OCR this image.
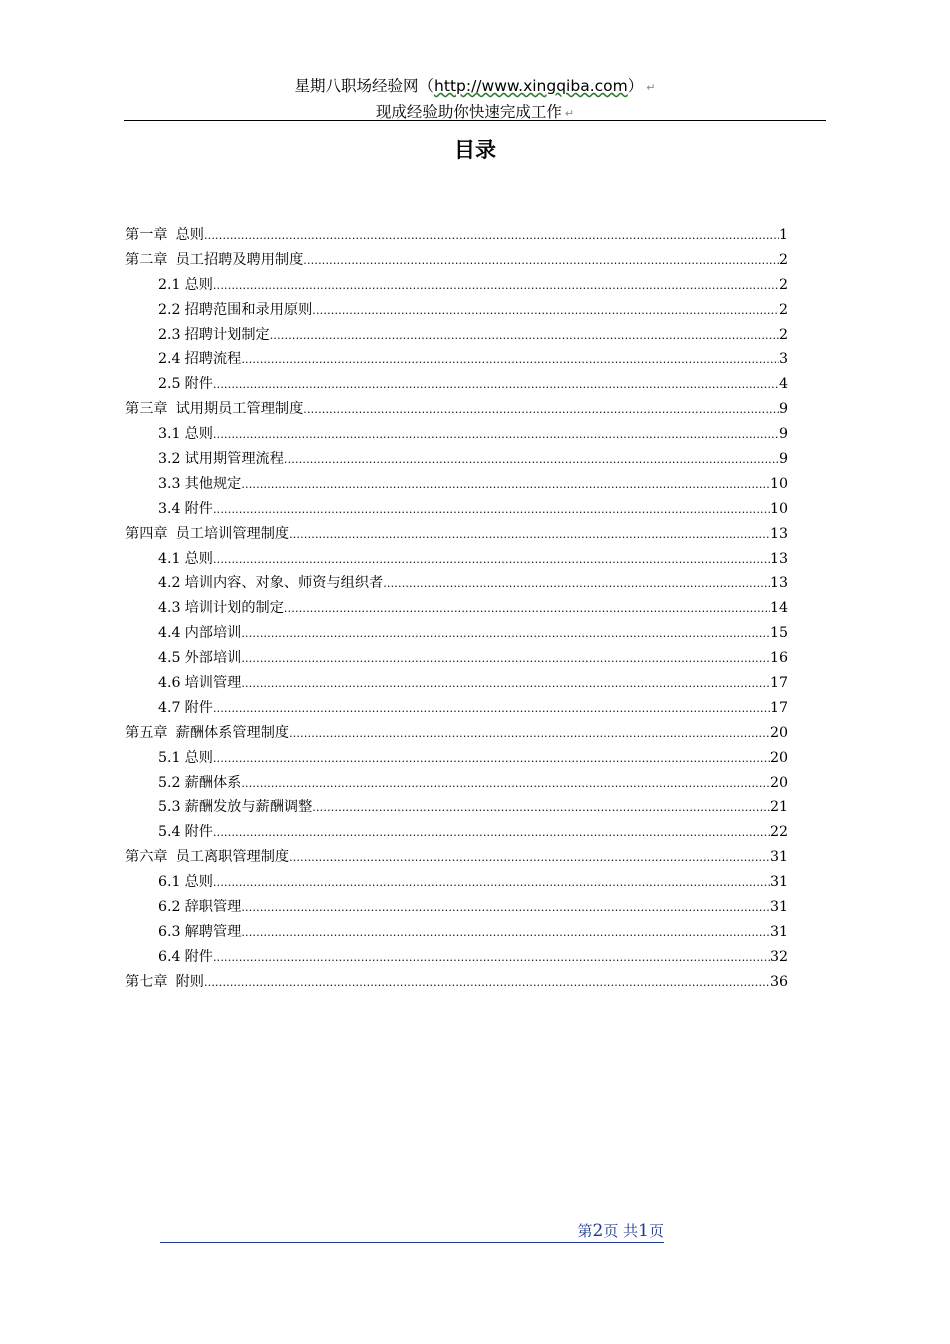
星期八职场经验网（http://www.xingqiba.com） ↵
现成经验助你快速完成工作 ↵
目录
第一章 总则 .....	1
第二章 员工招聘及聘用制度 .....	2
2.1 总则 .....	2
2.2 招聘范围和录用原则 .....	2
2.3 招聘计划制定 .....	2
2.4 招聘流程 .....	3
2.5 附件 .....	4
第三章 试用期员工管理制度 .....	9
3.1 总则 .....	9
3.2 试用期管理流程 .....	9
3.3 其他规定 .....	10
3.4 附件 .....	10
第四章 员工培训管理制度 .....	13
4.1 总则 .....	13
4.2 培训内容、对象、师资与组织者 .....	13
4.3 培训计划的制定 .....	14
4.4 内部培训 .....	15
4.5 外部培训 .....	16
4.6 培训管理 .....	17
4.7 附件 .....	17
第五章 薪酬体系管理制度 .....	20
5.1 总则 .....	20
5.2 薪酬体系 .....	20
5.3 薪酬发放与薪酬调整 .....	21
5.4 附件 .....	22
第六章 员工离职管理制度 .....	31
6.1 总则 .....	31
6.2 辞职管理 .....	31
6.3 解聘管理 .....	31
6.4 附件 .....	32
第七章 附则 .....	36
第2页 共1页
